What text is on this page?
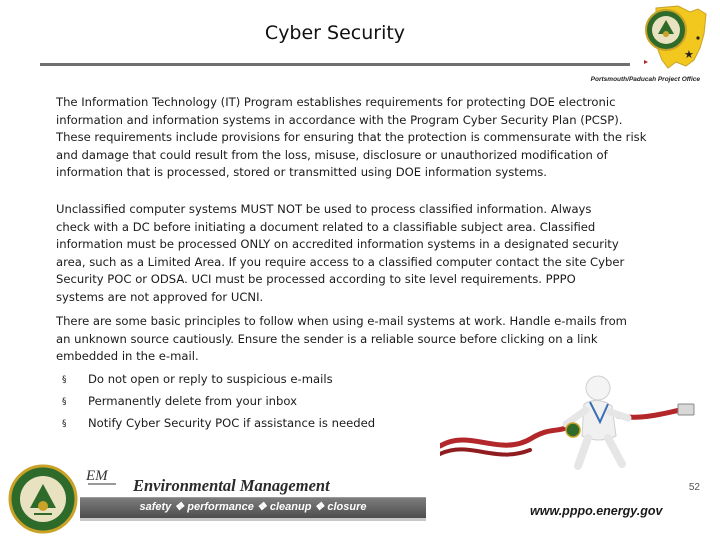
Cyber Security
★
Portsmouth/Paducah Project Office
The Information Technology (IT) Program establishes requirements for protecting DOE electronic
information and information systems in accordance with the Program Cyber Security Plan (PCSP).
These requirements include provisions for ensuring that the protection is commensurate with the risk
and damage that could result from the loss, misuse, disclosure or unauthorized modification of
information that is processed, stored or transmitted using DOE information systems.
Unclassified computer systems MUST NOT be used to process classified information. Always
check with a DC before initiating a document related to a classifiable subject area. Classified
information must be processed ONLY on accredited information systems in a designated security
area, such as a Limited Area. If you require access to a classified computer contact the site Cyber
Security POC or ODSA. UCI must be processed according to site level requirements. PPPO
systems are not approved for UCNI.
There are some basic principles to follow when using e-mail systems at work. Handle e-mails from
an unknown source cautiously. Ensure the sender is a reliable source before clicking on a link
embedded in the e-mail.
§ Do not open or reply to suspicious e-mails
§ Permanently delete from your inbox
§ Notify Cyber Security POC if assistance is needed
EM Environmental Management
safety ❖ performance ❖ cleanup ❖ closure
52
www.pppo.energy.gov
